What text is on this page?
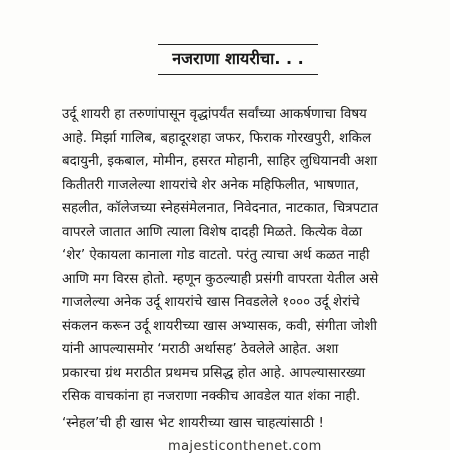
नजराणा शायरीचा. . .
उर्दू शायरी हा तरुणांपासून वृद्धांपर्यंत सर्वांच्या आकर्षणाचा विषय
आहे. मिर्झा गालिब, बहादूरशहा जफर, फिराक गोरखपुरी, शकिल
बदायुनी, इकबाल, मोमीन, हसरत मोहानी, साहिर लुधियानवी अशा
कितीतरी गाजलेल्या शायरांचे शेर अनेक महिफिलीत, भाषणात,
सहलीत, कॉलेजच्या स्नेहसंमेलनात, निवेदनात, नाटकात, चित्रपटात
वापरले जातात आणि त्याला विशेष दादही मिळते. कित्येक वेळा
‘शेर’ ऐकायला कानाला गोड वाटतो. परंतु त्याचा अर्थ कळत नाही
आणि मग विरस होतो. म्हणून कुठल्याही प्रसंगी वापरता येतील असे
गाजलेल्या अनेक उर्दू शायरांचे खास निवडलेले १००० उर्दू शेरांचे
संकलन करून उर्दू शायरीच्या खास अभ्यासक, कवी, संगीता जोशी
यांनी आपल्यासमोर ‘मराठी अर्थासह’ ठेवलेले आहेत. अशा
प्रकारचा ग्रंथ मराठीत प्रथमच प्रसिद्ध होत आहे. आपल्यासारख्या
रसिक वाचकांना हा नजराणा नक्कीच आवडेल यात शंका नाही.
‘स्नेहल’ची ही खास भेट शायरीच्या खास चाहत्यांसाठी !
majesticonthenet.com
